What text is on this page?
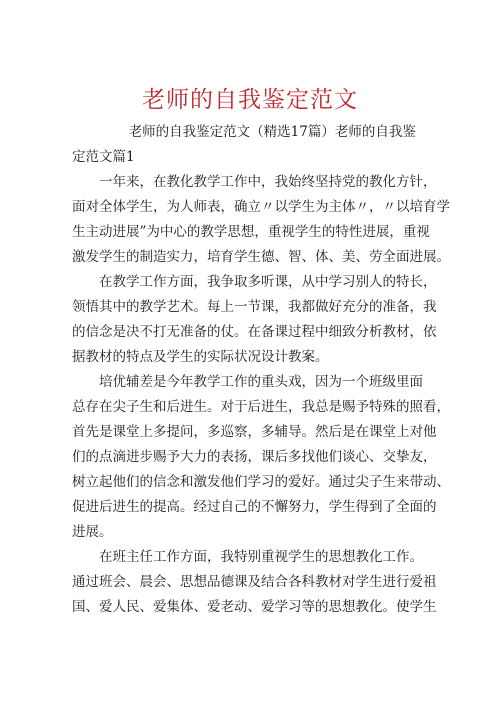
老师的自我鉴定范文

老师的自我鉴定范文（精选17篇）老师的自我鉴
定范文篇1

一年来，在教化教学工作中，我始终坚持党的教化方针，
面对全体学生，为人师表，确立〃以学生为主体〃，〃以培育学
生主动进展”为中心的教学思想，重视学生的特性进展，重视
激发学生的制造实力，培育学生德、智、体、美、劳全面进展。

在教学工作方面，我争取多听课，从中学习别人的特长，
领悟其中的教学艺术。每上一节课，我都做好充分的准备，我
的信念是决不打无准备的仗。在备课过程中细致分析教材，依
据教材的特点及学生的实际状况设计教案。

培优辅差是今年教学工作的重头戏，因为一个班级里面
总存在尖子生和后进生。对于后进生，我总是赐予特殊的照看，
首先是课堂上多提问，多巡察，多辅导。然后是在课堂上对他
们的点滴进步赐予大力的表扬，课后多找他们谈心、交挚友，
树立起他们的信念和激发他们学习的爱好。通过尖子生来带动、
促进后进生的提高。经过自己的不懈努力，学生得到了全面的
进展。

在班主任工作方面，我特别重视学生的思想教化工作。
通过班会、晨会、思想品德课及结合各科教材对学生进行爱祖
国、爱人民、爱集体、爱老动、爱学习等的思想教化。使学生
